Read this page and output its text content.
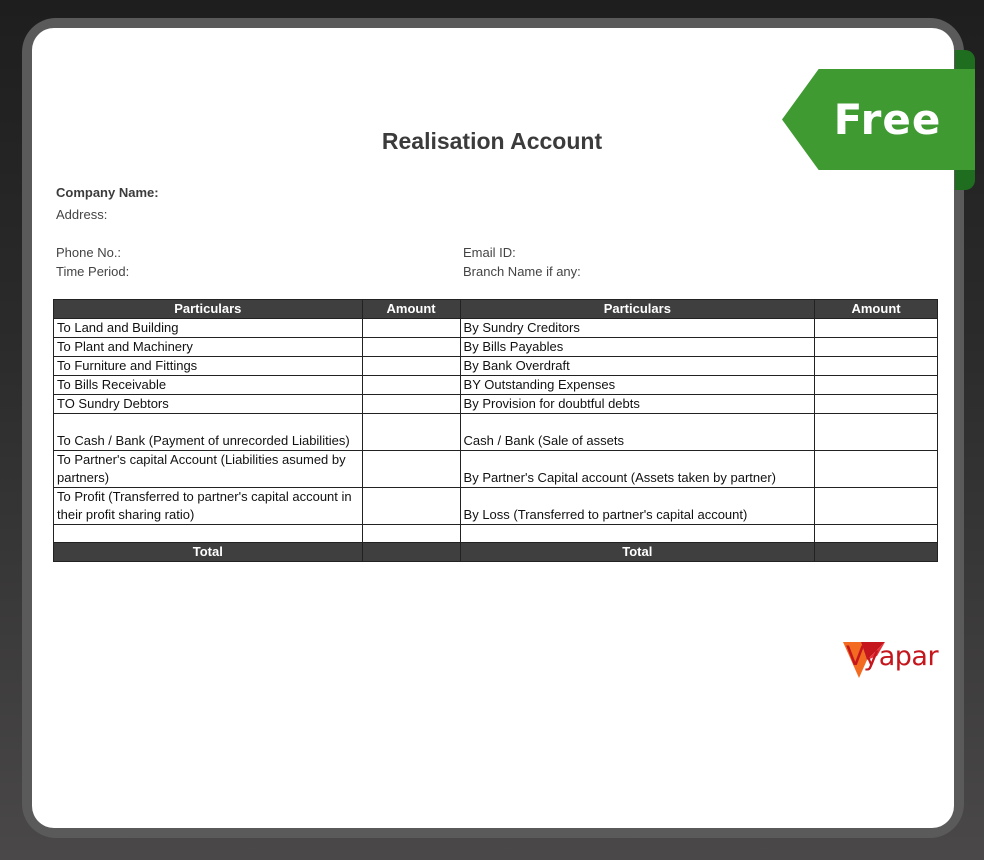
Free
Realisation Account
Company Name:
Address:
Phone No.:
Time Period:
Email ID:
Branch Name if any:
Particulars	Amount	Particulars	Amount
To Land and Building		By Sundry Creditors	
To Plant and Machinery		By Bills Payables	
To Furniture and Fittings		By Bank Overdraft	
To Bills Receivable		BY Outstanding Expenses	
TO Sundry Debtors		By Provision for doubtful debts	
To Cash / Bank (Payment of unrecorded Liabilities)		Cash / Bank (Sale of assets	
To Partner's capital Account (Liabilities asumed by partners)		By Partner's Capital account (Assets taken by partner)	
To Profit (Transferred to partner's capital account in their profit sharing ratio)		By Loss (Transferred to partner's capital account)	

Total		Total	
Vyapar
